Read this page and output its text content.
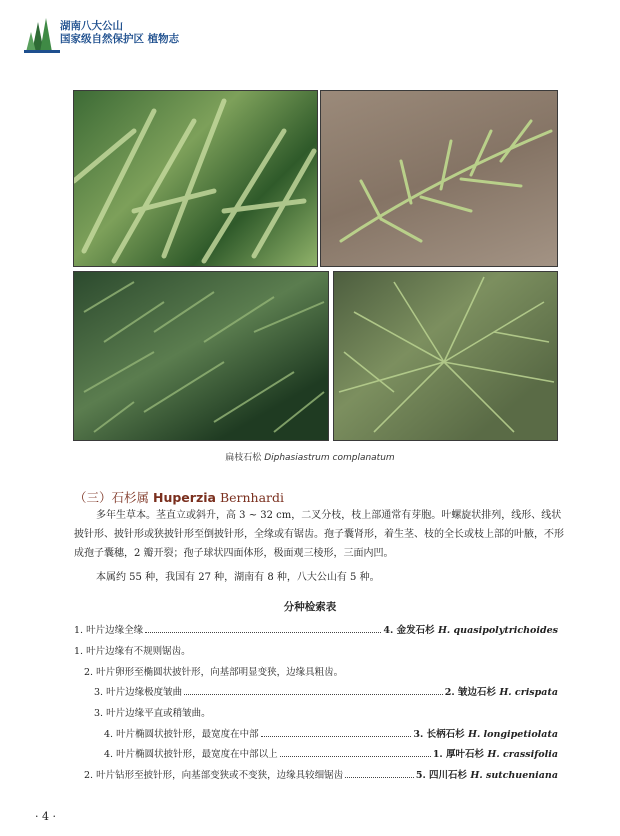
湖南八大公山
国家级自然保护区 植物志
扁枝石松 Diphasiastrum complanatum
（三）石杉属 Huperzia Bernhardi
多年生草本。茎直立或斜升，高 3 ~ 32 cm，二叉分枝，枝上部通常有芽胞。叶螺旋状排列，线形、线状披针形、披针形或狭披针形至倒披针形，全缘或有锯齿。孢子囊肾形，着生茎、枝的全长或枝上部的叶腋，不形成孢子囊穗，2 瓣开裂；孢子球状四面体形，极面观三棱形，三面内凹。
本属约 55 种，我国有 27 种，湖南有 8 种，八大公山有 5 种。
分种检索表
1. 叶片边缘全缘	4. 金发石杉 H. quasipolytrichoides
1. 叶片边缘有不规则锯齿。
2. 叶片卵形至椭圆状披针形，向基部明显变狭，边缘具粗齿。
3. 叶片边缘极度皱曲	2. 皱边石杉 H. crispata
3. 叶片边缘平直或稍皱曲。
4. 叶片椭圆状披针形，最宽度在中部	3. 长柄石杉 H. longipetiolata
4. 叶片椭圆状披针形，最宽度在中部以上	1. 厚叶石杉 H. crassifolia
2. 叶片钻形至披针形，向基部变狭或不变狭，边缘具较细锯齿	5. 四川石杉 H. sutchueniana
· 4 ·
